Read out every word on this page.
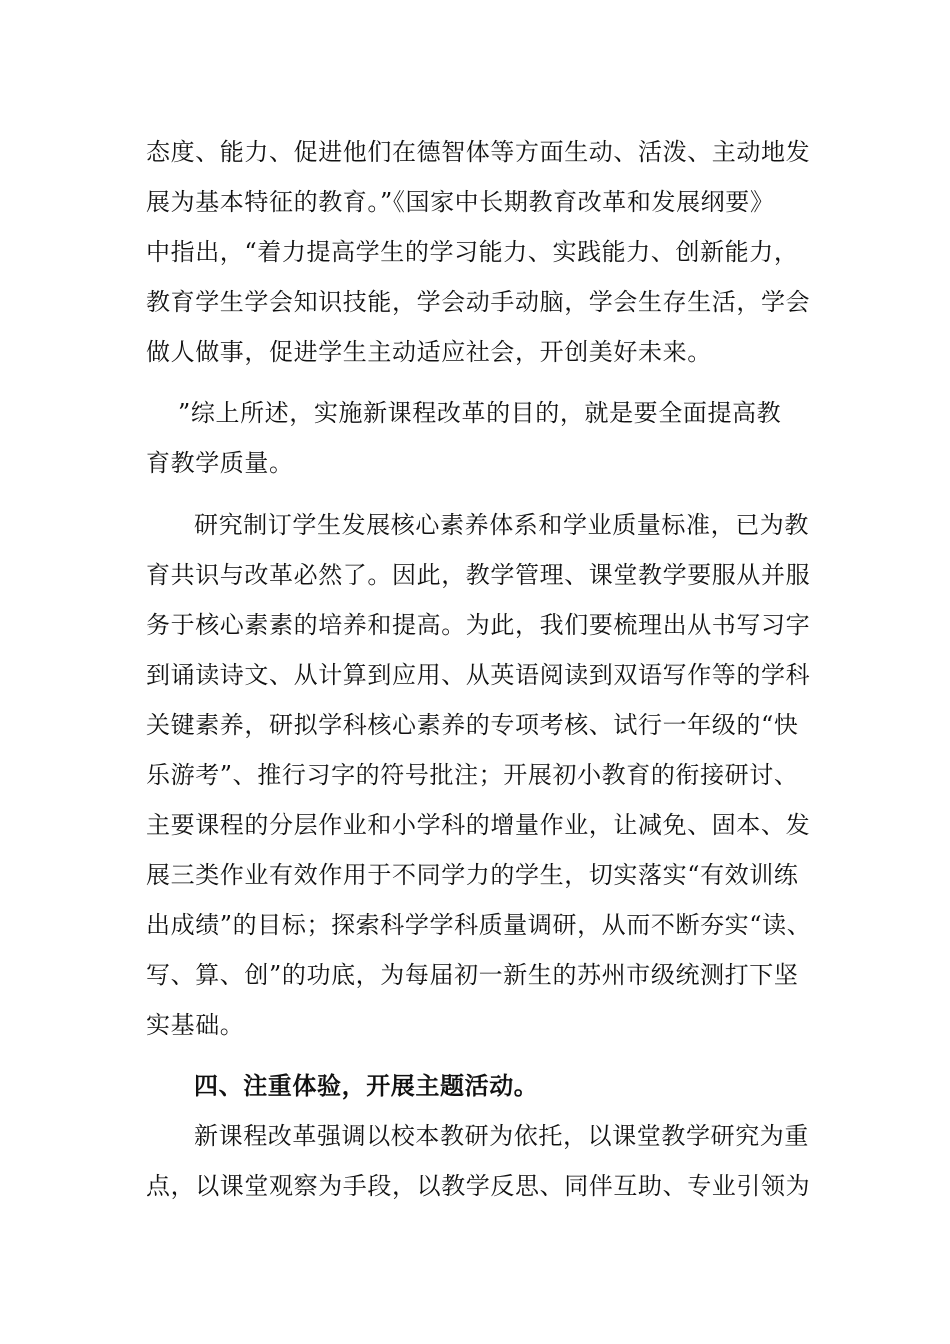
态度、能力、促进他们在德智体等方面生动、活泼、主动地发
展为基本特征的教育。”《国家中长期教育改革和发展纲要》
中指出，“着力提高学生的学习能力、实践能力、创新能力，
教育学生学会知识技能，学会动手动脑，学会生存生活，学会
做人做事，促进学生主动适应社会，开创美好未来。
”综上所述，实施新课程改革的目的，就是要全面提高教
育教学质量。
研究制订学生发展核心素养体系和学业质量标准，已为教
育共识与改革必然了。因此，教学管理、课堂教学要服从并服
务于核心素素的培养和提高。为此，我们要梳理出从书写习字
到诵读诗文、从计算到应用、从英语阅读到双语写作等的学科
关键素养，研拟学科核心素养的专项考核、试行一年级的“快
乐游考”、推行习字的符号批注；开展初小教育的衔接研讨、
主要课程的分层作业和小学科的增量作业，让减免、固本、发
展三类作业有效作用于不同学力的学生，切实落实“有效训练
出成绩”的目标；探索科学学科质量调研，从而不断夯实“读、
写、算、创”的功底，为每届初一新生的苏州市级统测打下坚
实基础。
四、注重体验，开展主题活动。
新课程改革强调以校本教研为依托，以课堂教学研究为重
点，以课堂观察为手段，以教学反思、同伴互助、专业引领为
